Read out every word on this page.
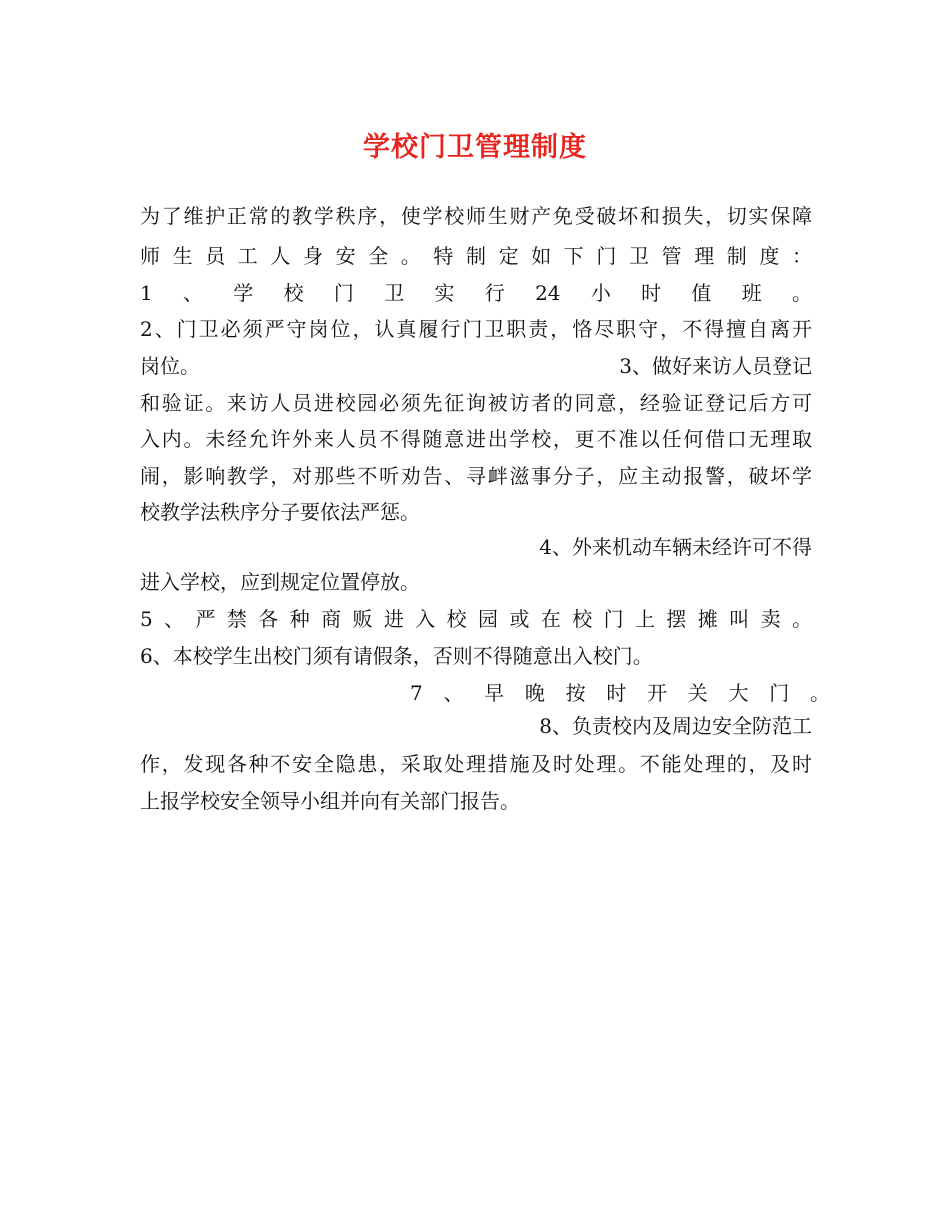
学校门卫管理制度
为了维护正常的教学秩序，使学校师生财产免受破坏和损失，切实保障
师生员工人身安全。特制定如下门卫管理制度：
1、学校门卫实行24小时值班。
2、门卫必须严守岗位，认真履行门卫职责，恪尽职守，不得擅自离开
岗位。	3、做好来访人员登记
和验证。来访人员进校园必须先征询被访者的同意，经验证登记后方可
入内。未经允许外来人员不得随意进出学校，更不准以任何借口无理取
闹，影响教学，对那些不听劝告、寻衅滋事分子，应主动报警，破坏学
校教学法秩序分子要依法严惩。
4、外来机动车辆未经许可不得
进入学校，应到规定位置停放。
5、严禁各种商贩进入校园或在校门上摆摊叫卖。
6、本校学生出校门须有请假条，否则不得随意出入校门。
7、早晚按时开关大门。
8、负责校内及周边安全防范工
作，发现各种不安全隐患，采取处理措施及时处理。不能处理的，及时
上报学校安全领导小组并向有关部门报告。
